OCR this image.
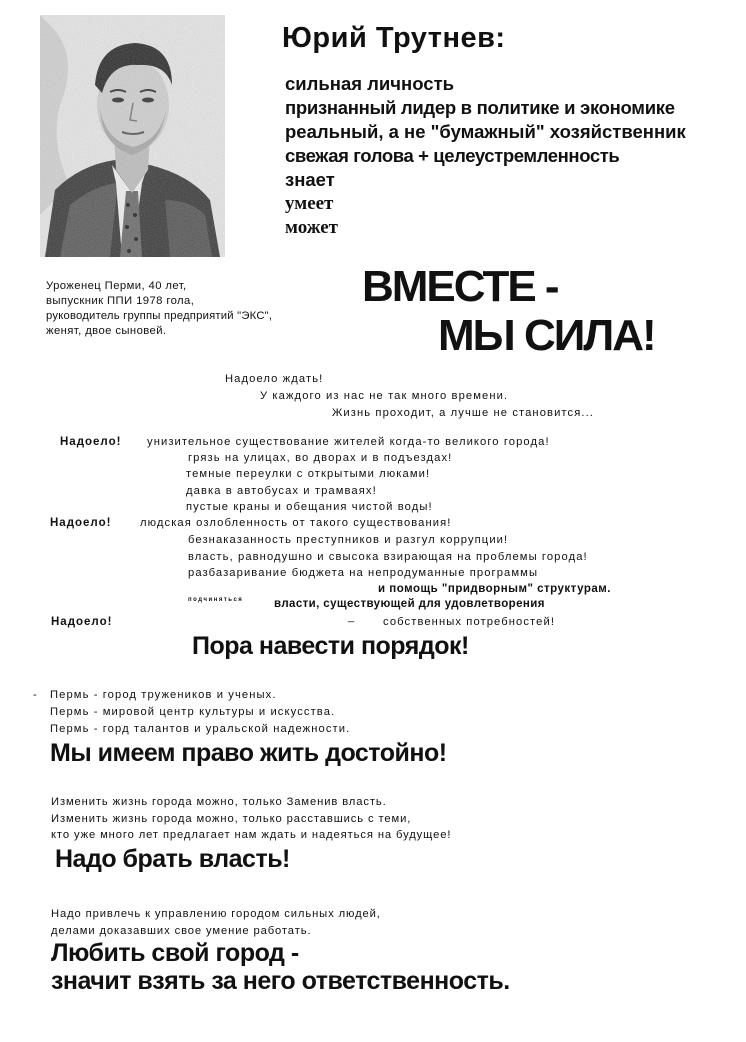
Юрий Трутнев:
сильная личность
признанный лидер в политике и экономике
реальный, а не "бумажный" хозяйственник
свежая голова + целеустремленность
знает
умеет
может
Уроженец Перми, 40 лет,
выпускник ППИ 1978 гола,
руководитель группы предприятий "ЭКС",
женят, двое сыновей.
ВМЕСТЕ -
МЫ СИЛА!
Надоело ждать!
У каждого из нас не так много времени.
Жизнь проходит, а лучше не становится...
Надоело! унизительное существование жителей когда-то великого города!
грязь на улицах, во дворах и в подъездах!
темные переулки с открытыми люками!
давка в автобусах и трамваях!
пустые краны и обещания чистой воды!
Надоело!	людская озлобленность от такого существования!
безнаказанность преступников и разгул коррупции!
власть, равнодушно и свысока взирающая на проблемы города!
разбазаривание бюджета на непродуманные программы
и помощь "придворным" структурам.
подчиняться	власти, существующей для удовлетворения
Надоело!	_ собственных потребностей!
Пора навести порядок!
- Пермь - город тружеников и ученых.
Пермь - мировой центр культуры и искусства.
Пермь - горд талантов и уральской надежности.
Мы имеем право жить достойно!
Изменить жизнь города можно, только Заменив власть.
Изменить жизнь города можно, только расставшись с теми,
кто уже много лет предлагает нам ждать и надеяться на будущее!
Надо брать власть!
Надо привлечь к управлению городом сильных людей,
делами доказавших свое умение работать.
Любить свой город -
значит взять за него ответственность.
